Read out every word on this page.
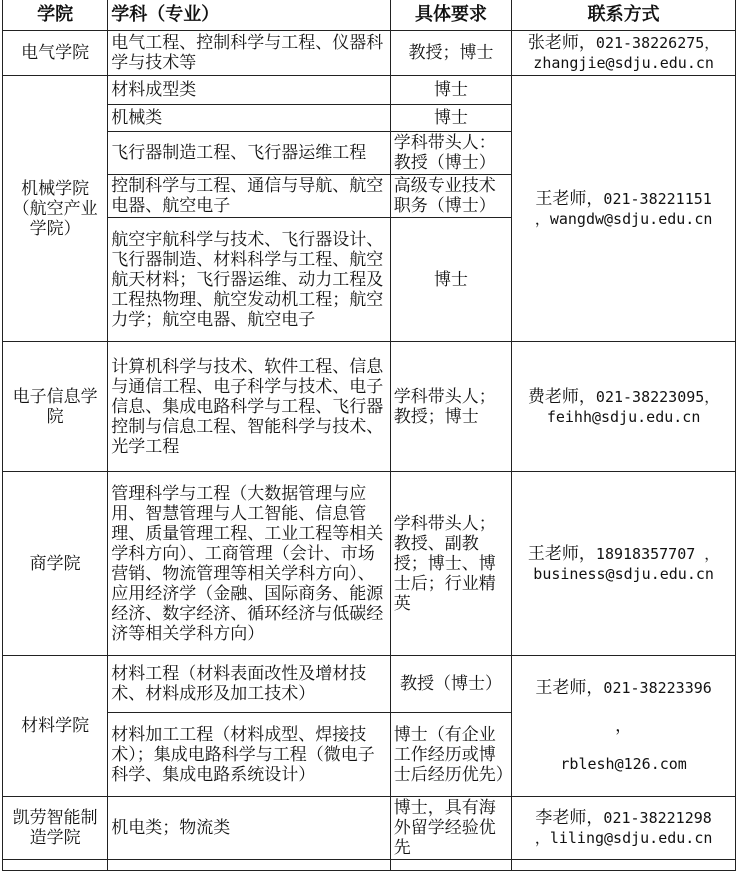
学院	学科（专业）	具体要求	联系方式
电气学院	电气工程、控制科学与工程、仪器科学与技术等	教授；博士	张老师，021-38226275，
zhangjie@sdju.edu.cn

机械学院（航空产业学院）	材料成型类	博士	王老师，021-38221151
，wangdw@sdju.edu.cn

	机械类	博士	
	飞行器制造工程、飞行器运维工程	学科带头人：教授（博士）	
	控制科学与工程、通信与导航、航空电器、航空电子	高级专业技术职务（博士）	
	航空宇航科学与技术、飞行器设计、飞行器制造、材料科学与工程、航空航天材料；飞行器运维、动力工程及工程热物理、航空发动机工程；航空力学；航空电器、航空电子	博士	
电子信息学院	计算机科学与技术、软件工程、信息与通信工程、电子科学与技术、电子信息、集成电路科学与工程、飞行器控制与信息工程、智能科学与技术、光学工程	学科带头人；教授；博士	费老师，021-38223095，
feihh@sdju.edu.cn

商学院	管理科学与工程（大数据管理与应用、智慧管理与人工智能、信息管理、质量管理工程、工业工程等相关学科方向）、工商管理（会计、市场营销、物流管理等相关学科方向）、应用经济学（金融、国际商务、能源经济、数字经济、循环经济与低碳经济等相关学科方向）	学科带头人；教授、副教授；博士、博士后；行业精英	王老师，18918357707 ，
business@sdju.edu.cn

材料学院	材料工程（材料表面改性及增材技术、材料成形及加工技术）	教授（博士）	王老师，021-38223396
，
rblesh@126.com

	材料加工工程（材料成型、焊接技术）；集成电路科学与工程（微电子科学、集成电路系统设计）	博士（有企业工作经历或博士后经历优先）	
凯劳智能制造学院	机电类；物流类	博士，具有海外留学经验优先	李老师，021-38221298
，liling@sdju.edu.cn
